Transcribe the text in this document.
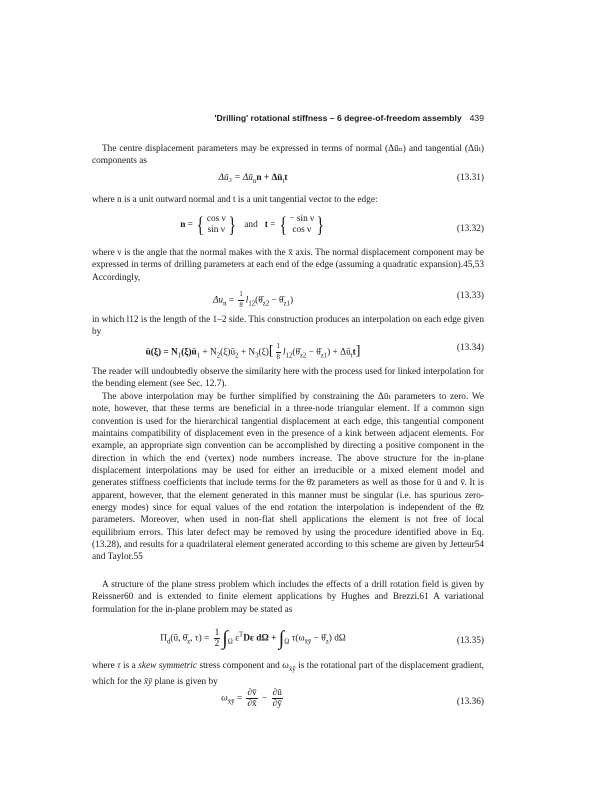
'Drilling' rotational stiffness – 6 degree-of-freedom assembly 439
The centre displacement parameters may be expressed in terms of normal (Δūₙ) and tangential (Δūₜ) components as
Δū₃ = $\Delta ū_nn$ + $\Delta ū_tt$	(13.31)
where n is a unit outward normal and t is a unit tangential vector to the edge:
n = { cos ν
sin ν } and t = { − sin ν
cos ν }	(13.32)
where ν is the angle that the normal makes with the x̄ axis. The normal displacement component may be expressed in terms of drilling parameters at each end of the edge (assuming a quadratic expansion).45,53 Accordingly,
$\Delta u_n = \frac{1}{8}$ $l_{12}(\thetā_{z2}$ − $\thetā_{z1}$)	(13.33)
in which l12 is the length of the 1–2 side. This construction produces an interpolation on each edge given by
ū(ξ) = $N_1(\xi)ū_1$ + $N_2(\xi)ū_2 + N_3(\xi)[ \frac{1}{8}$ $l_{12}(\thetā_{z2}$ − $\thetā_{z1}$) + $\Delta ū_tt$]	(13.34)
The reader will undoubtedly observe the similarity here with the process used for linked interpolation for the bending element (see Sec. 12.7).
The above interpolation may be further simplified by constraining the Δūₜ parameters to zero. We note, however, that these terms are beneficial in a three-node triangular element. If a common sign convention is used for the hierarchical tangential displacement at each edge, this tangential component maintains compatibility of displacement even in the presence of a kink between adjacent elements. For example, an appropriate sign convention can be accomplished by directing a positive component in the direction in which the end (vertex) node numbers increase. The above structure for the in-plane displacement interpolations may be used for either an irreducible or a mixed element model and generates stiffness coefficients that include terms for the θ̄z parameters as well as those for ū and v̄. It is apparent, however, that the element generated in this manner must be singular (i.e. has spurious zero-energy modes) since for equal values of the end rotation the interpolation is independent of the θ̄z parameters. Moreover, when used in non-flat shell applications the element is not free of local equilibrium errors. This later defect may be removed by using the procedure identified above in Eq. (13.28), and results for a quadrilateral element generated according to this scheme are given by Jetteur54 and Taylor.55
A structure of the plane stress problem which includes the effects of a drill rotation field is given by Reissner60 and is extended to finite element applications by Hughes and Brezzi.61 A variational formulation for the in-plane problem may be stated as
$\Pi_d(ū$, $\thetā_z$, $\tau) = \frac{1}{2} \int_\Omega$ $\varepsilon^TD\varepsilon$ $d\Omega + \int_\Omega$ $\tau(\omega_{x̄ȳ}$ − $\thetā_z$) dΩ	(13.35)
where τ is a skew symmetric stress component and $\omega_{x̄ȳ}$ is the rotational part of the displacement gradient, which for the x̄ȳ plane is given by
$\omega_{x̄ȳ} = \frac{\partial v̄}{\partial x̄} - \frac{\partial ū}{\partial ȳ}$	(13.36)
